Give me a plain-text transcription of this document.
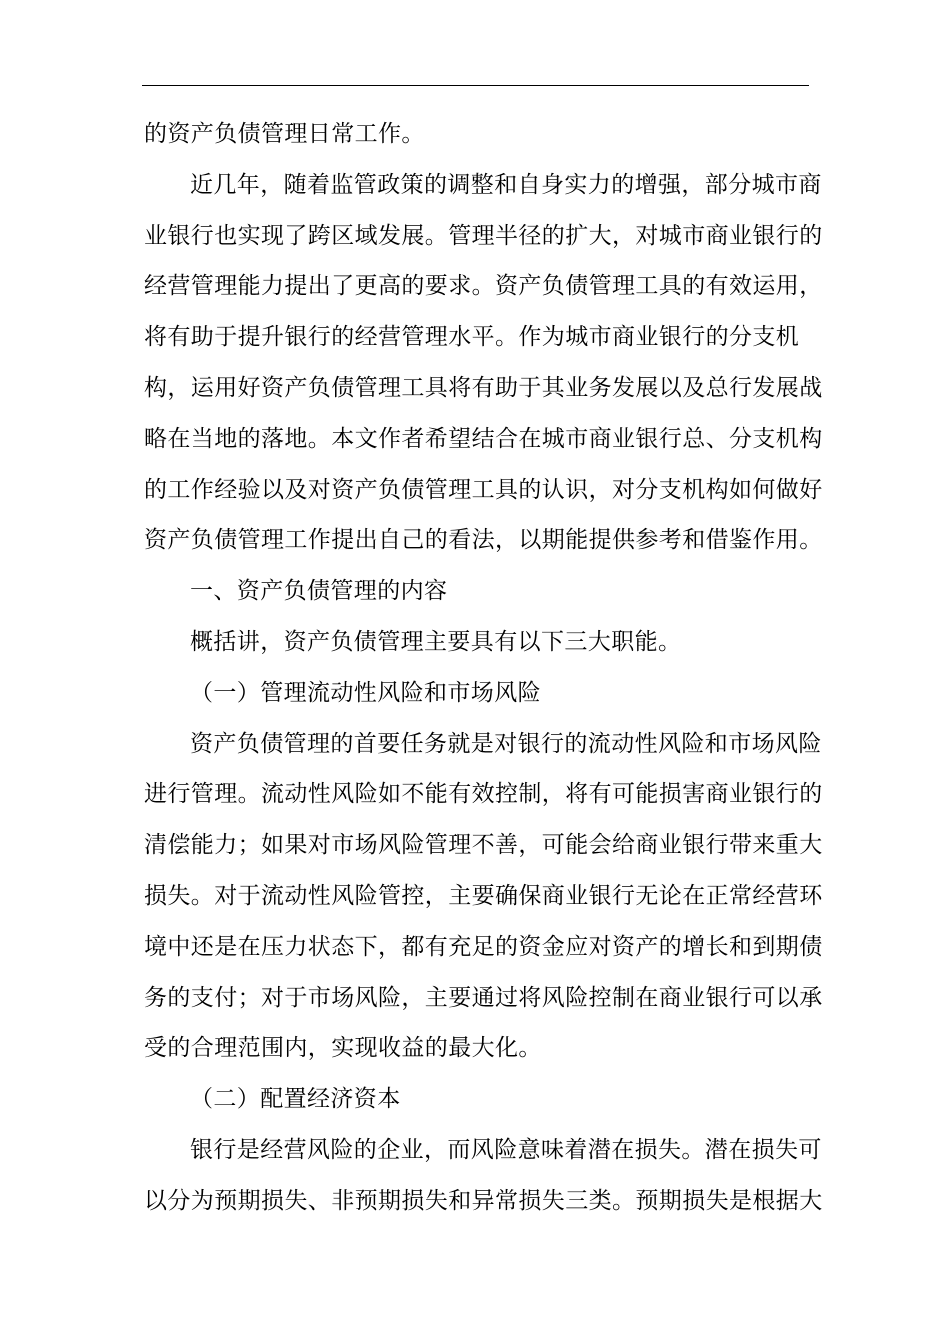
的资产负债管理日常工作。
近几年，随着监管政策的调整和自身实力的增强，部分城市商
业银行也实现了跨区域发展。管理半径的扩大，对城市商业银行的
经营管理能力提出了更高的要求。资产负债管理工具的有效运用，
将有助于提升银行的经营管理水平。作为城市商业银行的分支机
构，运用好资产负债管理工具将有助于其业务发展以及总行发展战
略在当地的落地。本文作者希望结合在城市商业银行总、分支机构
的工作经验以及对资产负债管理工具的认识，对分支机构如何做好
资产负债管理工作提出自己的看法，以期能提供参考和借鉴作用。
一、资产负债管理的内容
概括讲，资产负债管理主要具有以下三大职能。
（一）管理流动性风险和市场风险
资产负债管理的首要任务就是对银行的流动性风险和市场风险
进行管理。流动性风险如不能有效控制，将有可能损害商业银行的
清偿能力；如果对市场风险管理不善，可能会给商业银行带来重大
损失。对于流动性风险管控，主要确保商业银行无论在正常经营环
境中还是在压力状态下，都有充足的资金应对资产的增长和到期债
务的支付；对于市场风险，主要通过将风险控制在商业银行可以承
受的合理范围内，实现收益的最大化。
（二）配置经济资本
银行是经营风险的企业，而风险意味着潜在损失。潜在损失可
以分为预期损失、非预期损失和异常损失三类。预期损失是根据大
